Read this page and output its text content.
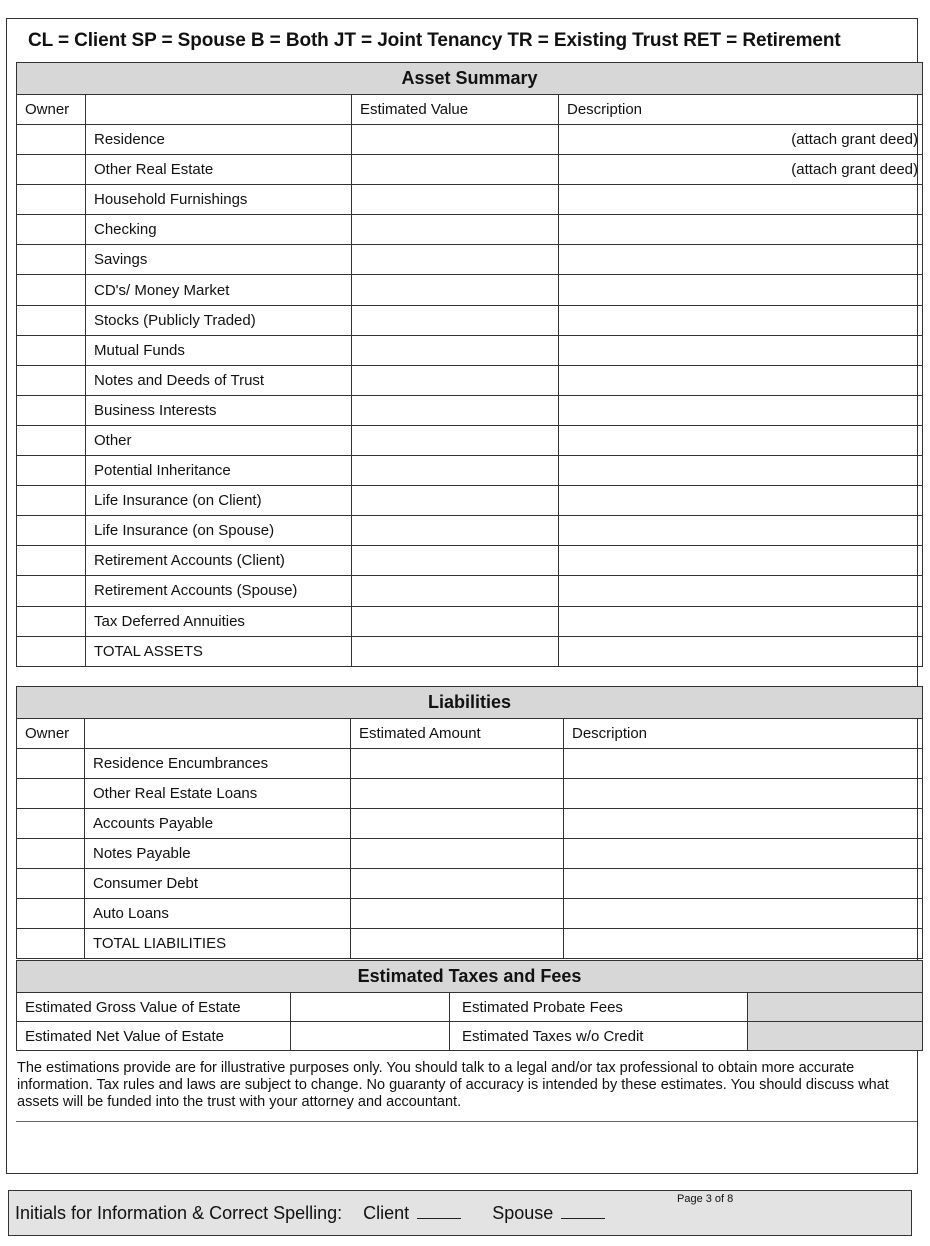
CL = Client SP = Spouse B = Both JT = Joint Tenancy TR = Existing Trust RET = Retirement
Asset Summary			
Owner		Estimated Value	Description
	Residence		(attach grant deed)
	Other Real Estate		(attach grant deed)
	Household Furnishings		
	Checking		
	Savings		
	CD's/ Money Market		
	Stocks (Publicly Traded)		
	Mutual Funds		
	Notes and Deeds of Trust		
	Business Interests		
	Other		
	Potential Inheritance		
	Life Insurance (on Client)		
	Life Insurance (on Spouse)		
	Retirement Accounts (Client)		
	Retirement Accounts (Spouse)		
	Tax Deferred Annuities		
	TOTAL ASSETS		
Liabilities			
Owner		Estimated Amount	Description
	Residence Encumbrances		
	Other Real Estate Loans		
	Accounts Payable		
	Notes Payable		
	Consumer Debt		
	Auto Loans		
	TOTAL LIABILITIES		
Estimated Taxes and Fees			
Estimated Gross Value of Estate		Estimated Probate Fees	
Estimated Net Value of Estate		Estimated Taxes w/o Credit	
The estimations provide are for illustrative purposes only. You should talk to a legal and/or tax professional to obtain more accurate information. Tax rules and laws are subject to change. No guaranty of accuracy is intended by these estimates. You should discuss what assets will be funded into the trust with your attorney and accountant.
Initials for Information & Correct Spelling: Client	Spouse
Page 3 of 8
